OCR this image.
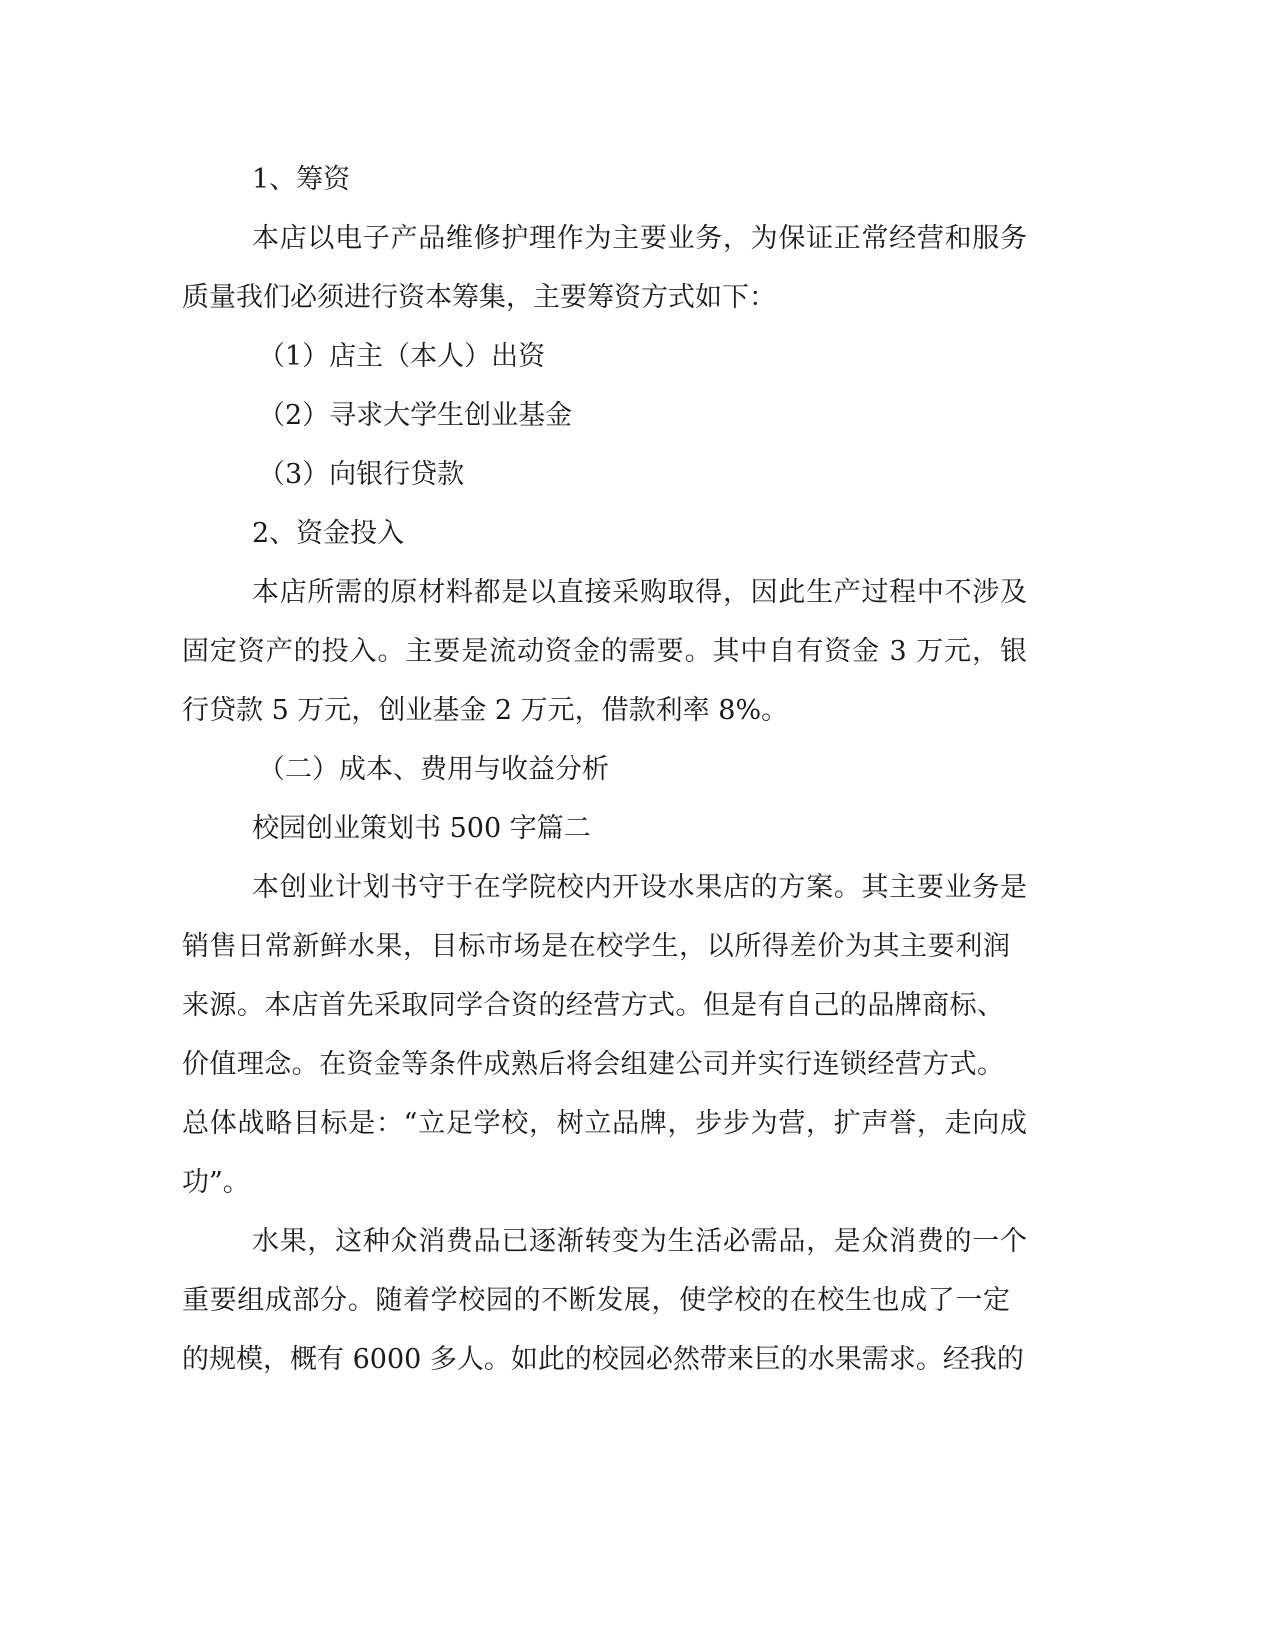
1、筹资
本店以电子产品维修护理作为主要业务，为保证正常经营和服务
质量我们必须进行资本筹集，主要筹资方式如下：
（1）店主（本人）出资
（2）寻求大学生创业基金
（3）向银行贷款
2、资金投入
本店所需的原材料都是以直接采购取得，因此生产过程中不涉及
固定资产的投入。主要是流动资金的需要。其中自有资金 3 万元，银
行贷款 5 万元，创业基金 2 万元，借款利率 8%。
（二）成本、费用与收益分析
校园创业策划书 500 字篇二
本创业计划书守于在学院校内开设水果店的方案。其主要业务是
销售日常新鲜水果，目标市场是在校学生，以所得差价为其主要利润
来源。本店首先采取同学合资的经营方式。但是有自己的品牌商标、
价值理念。在资金等条件成熟后将会组建公司并实行连锁经营方式。
总体战略目标是：“立足学校，树立品牌，步步为营，扩声誉，走向成
功”。
水果，这种众消费品已逐渐转变为生活必需品，是众消费的一个
重要组成部分。随着学校园的不断发展，使学校的在校生也成了一定
的规模，概有 6000 多人。如此的校园必然带来巨的水果需求。经我的
